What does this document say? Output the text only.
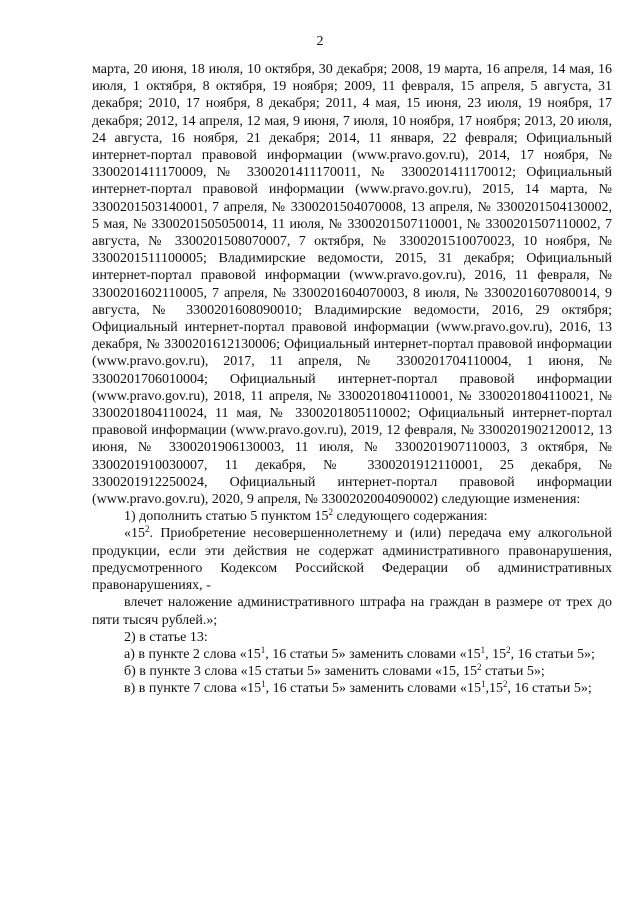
2

марта, 20 июня, 18 июля, 10 октября, 30 декабря; 2008, 19 марта, 16 апреля, 14 мая, 16 июля, 1 октября, 8 октября, 19 ноября; 2009, 11 февраля, 15 апреля, 5 августа, 31 декабря; 2010, 17 ноября, 8 декабря; 2011, 4 мая, 15 июня, 23 июля, 19 ноября, 17 декабря; 2012, 14 апреля, 12 мая, 9 июня, 7 июля, 10 ноября, 17 ноября; 2013, 20 июля, 24 августа, 16 ноября, 21 декабря; 2014, 11 января, 22 февраля; Официальный интернет-портал правовой информации (www.pravo.gov.ru), 2014, 17 ноября, № 3300201411170009, № 3300201411170011, № 3300201411170012; Официальный интернет-портал правовой информации (www.pravo.gov.ru), 2015, 14 марта, № 3300201503140001, 7 апреля, № 3300201504070008, 13 апреля, № 3300201504130002, 5 мая, № 3300201505050014, 11 июля, № 3300201507110001, № 3300201507110002, 7 августа, № 3300201508070007, 7 октября, № 3300201510070023, 10 ноября, № 3300201511100005; Владимирские ведомости, 2015, 31 декабря; Официальный интернет-портал правовой информации (www.pravo.gov.ru), 2016, 11 февраля, № 3300201602110005, 7 апреля, № 3300201604070003, 8 июля, № 3300201607080014, 9 августа, № 3300201608090010; Владимирские ведомости, 2016, 29 октября; Официальный интернет-портал правовой информации (www.pravo.gov.ru), 2016, 13 декабря, № 3300201612130006; Официальный интернет-портал правовой информации (www.pravo.gov.ru), 2017, 11 апреля, № 3300201704110004, 1 июня, № 3300201706010004; Официальный интернет-портал правовой информации (www.pravo.gov.ru), 2018, 11 апреля, № 3300201804110001, № 3300201804110021, № 3300201804110024, 11 мая, № 3300201805110002; Официальный интернет-портал правовой информации (www.pravo.gov.ru), 2019, 12 февраля, № 3300201902120012, 13 июня, № 3300201906130003, 11 июля, № 3300201907110003, 3 октября, № 3300201910030007, 11 декабря, № 3300201912110001, 25 декабря, № 3300201912250024, Официальный интернет-портал правовой информации (www.pravo.gov.ru), 2020, 9 апреля, № 3300202004090002) следующие изменения:

1) дополнить статью 5 пунктом $15^2$ следующего содержания:

«$15^2$. Приобретение несовершеннолетнему и (или) передача ему алкогольной продукции, если эти действия не содержат административного правонарушения, предусмотренного Кодексом Российской Федерации об административных правонарушениях, -

влечет наложение административного штрафа на граждан в размере от трех до пяти тысяч рублей.»;

2) в статье 13:

а) в пункте 2 слова «$15^1$, 16 статьи 5» заменить словами «$15^1$, $15^2$, 16 статьи 5»;

б) в пункте 3 слова «15 статьи 5» заменить словами «15, $15^2$ статьи 5»;

в) в пункте 7 слова «$15^1$, 16 статьи 5» заменить словами «$15^1,15^2$, 16 статьи 5»;
